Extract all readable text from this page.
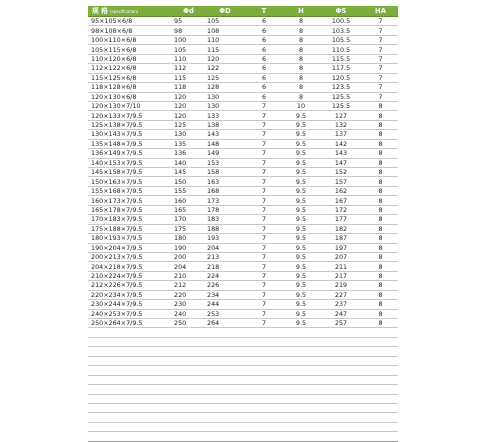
规 格 (specification)	Φd	ΦD	T	H	ΦS	HA
95×105×6/8	95	105	6	8	100.5	7
98×108×6/8	98	108	6	8	103.5	7
100×110×6/8	100	110	6	8	105.5	7
105×115×6/8	105	115	6	8	110.5	7
110×120×6/8	110	120	6	8	115.5	7
112×122×6/8	112	122	6	8	117.5	7
115×125×6/8	115	125	6	8	120.5	7
118×128×6/8	118	128	6	8	123.5	7
120×130×6/8	120	130	6	8	125.5	7
120×130×7/10	120	130	7	10	125.5	8
120×133×7/9.5	120	133	7	9.5	127	8
125×138×7/9.5	125	138	7	9.5	132	8
130×143×7/9.5	130	143	7	9.5	137	8
135×148×7/9.5	135	148	7	9.5	142	8
136×149×7/9.5	136	149	7	9.5	143	8
140×153×7/9.5	140	153	7	9.5	147	8
145×158×7/9.5	145	158	7	9.5	152	8
150×163×7/9.5	150	163	7	9.5	157	8
155×168×7/9.5	155	168	7	9.5	162	8
160×173×7/9.5	160	173	7	9.5	167	8
165×178×7/9.5	165	178	7	9.5	172	8
170×183×7/9.5	170	183	7	9.5	177	8
175×188×7/9.5	175	188	7	9.5	182	8
180×193×7/9.5	180	193	7	9.5	187	8
190×204×7/9.5	190	204	7	9.5	197	8
200×213×7/9.5	200	213	7	9.5	207	8
204×218×7/9.5	204	218	7	9.5	211	8
210×224×7/9.5	210	224	7	9.5	217	8
212×226×7/9.5	212	226	7	9.5	219	8
220×234×7/9.5	220	234	7	9.5	227	8
230×244×7/9.5	230	244	7	9.5	237	8
240×253×7/9.5	240	253	7	9.5	247	8
250×264×7/9.5	250	264	7	9.5	257	8
